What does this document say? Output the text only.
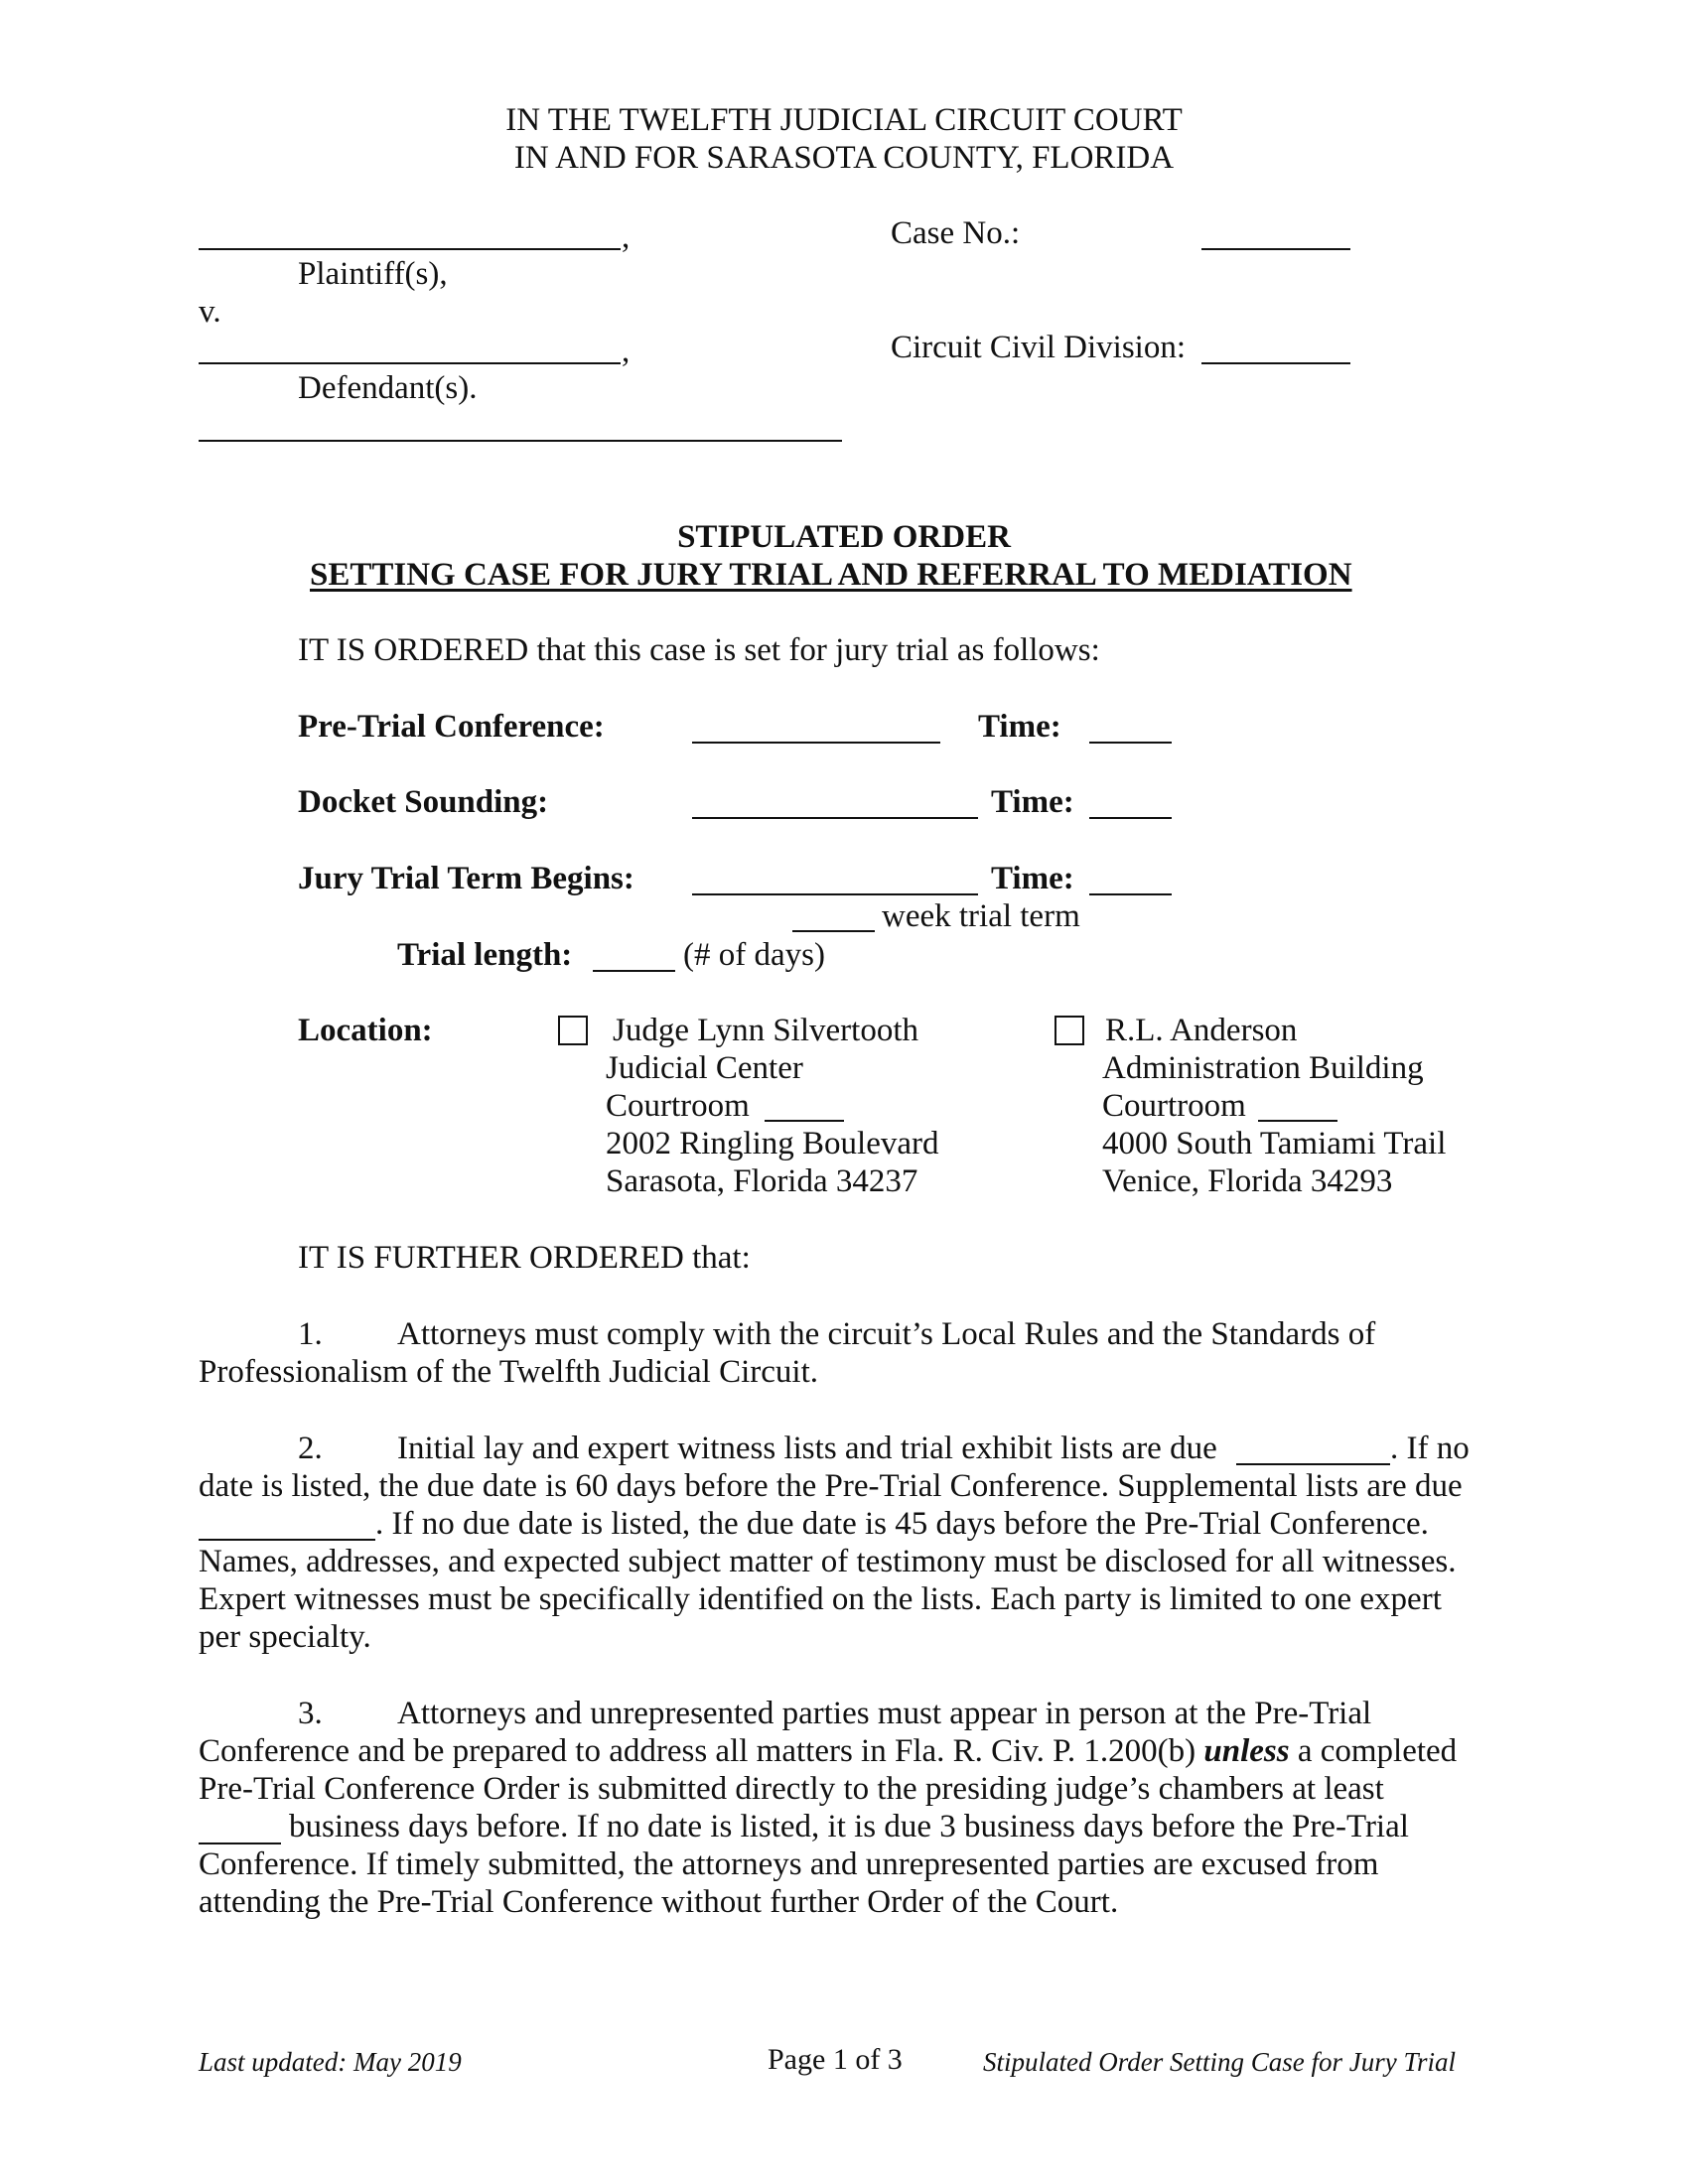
IN THE TWELFTH JUDICIAL CIRCUIT COURT
IN AND FOR SARASOTA COUNTY, FLORIDA
,
Plaintiff(s),
v.
,
Defendant(s).
Case No.:
Circuit Civil Division:
STIPULATED ORDER
SETTING CASE FOR JURY TRIAL AND REFERRAL TO MEDIATION
IT IS ORDERED that this case is set for jury trial as follows:
Pre-Trial Conference:	Time:
Docket Sounding:	Time:
Jury Trial Term Begins:	Time:
week trial term
Trial length:	(# of days)
Location:	Judge Lynn Silvertooth
Judicial Center
Courtroom
2002 Ringling Boulevard
Sarasota, Florida 34237
R.L. Anderson
Administration Building
Courtroom
4000 South Tamiami Trail
Venice, Florida 34293
IT IS FURTHER ORDERED that:
1. Attorneys must comply with the circuit’s Local Rules and the Standards of
Professionalism of the Twelfth Judicial Circuit.
2. Initial lay and expert witness lists and trial exhibit lists are due	. If no
date is listed, the due date is 60 days before the Pre-Trial Conference. Supplemental lists are due
. If no due date is listed, the due date is 45 days before the Pre-Trial Conference.
Names, addresses, and expected subject matter of testimony must be disclosed for all witnesses.
Expert witnesses must be specifically identified on the lists. Each party is limited to one expert
per specialty.
3. Attorneys and unrepresented parties must appear in person at the Pre-Trial
Conference and be prepared to address all matters in Fla. R. Civ. P. 1.200(b) unless a completed
Pre-Trial Conference Order is submitted directly to the presiding judge’s chambers at least
business days before. If no date is listed, it is due 3 business days before the Pre-Trial
Conference. If timely submitted, the attorneys and unrepresented parties are excused from
attending the Pre-Trial Conference without further Order of the Court.
Last updated: May 2019	Page 1 of 3	Stipulated Order Setting Case for Jury Trial
